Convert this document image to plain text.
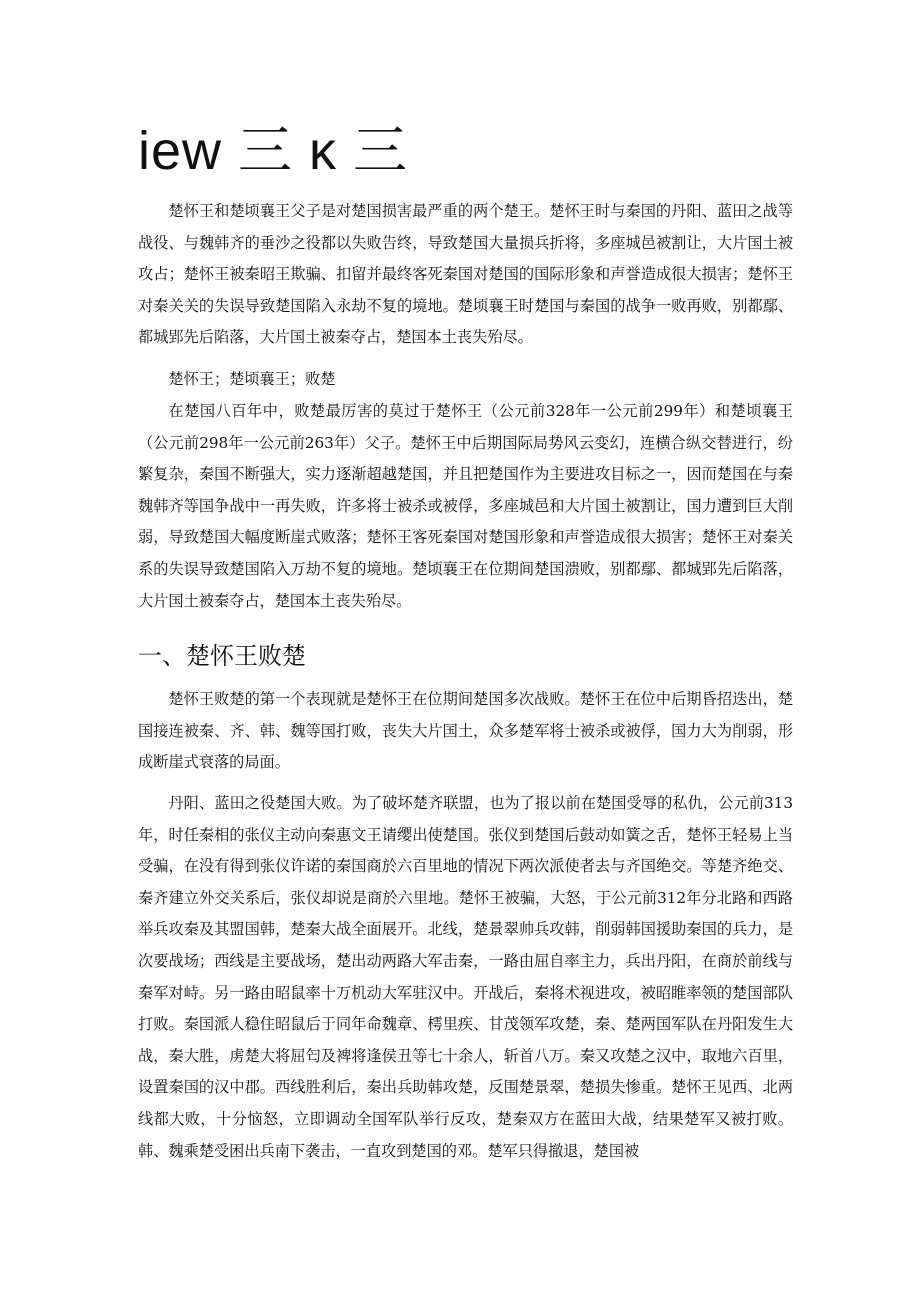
iew 三 κ 三

楚怀王和楚顷襄王父子是对楚国损害最严重的两个楚王。楚怀王时与秦国的丹阳、蓝田之战等战役、与魏韩齐的垂沙之役都以失败告终，导致楚国大量损兵折将，多座城邑被割让，大片国土被攻占；楚怀王被秦昭王欺骗、扣留并最终客死秦国对楚国的国际形象和声誉造成很大损害；楚怀王对秦关关的失误导致楚国陷入永劫不复的境地。楚顷襄王时楚国与秦国的战争一败再败，别都鄢、都城郢先后陷落，大片国土被秦夺占，楚国本土丧失殆尽。

楚怀王；楚顷襄王；败楚

在楚国八百年中，败楚最厉害的莫过于楚怀王（公元前328年一公元前299年）和楚顷襄王（公元前298年一公元前263年）父子。楚怀王中后期国际局势风云变幻，连横合纵交替进行，纷繁复杂，秦国不断强大，实力逐渐超越楚国，并且把楚国作为主要进攻目标之一，因而楚国在与秦魏韩齐等国争战中一再失败，许多将士被杀或被俘，多座城邑和大片国土被割让，国力遭到巨大削弱，导致楚国大幅度断崖式败落；楚怀王客死秦国对楚国形象和声誉造成很大损害；楚怀王对秦关系的失误导致楚国陷入万劫不复的境地。楚顷襄王在位期间楚国溃败，别都鄢、都城郢先后陷落，大片国土被秦夺占，楚国本土丧失殆尽。

一、楚怀王败楚

楚怀王败楚的第一个表现就是楚怀王在位期间楚国多次战败。楚怀王在位中后期昏招迭出，楚国接连被秦、齐、韩、魏等国打败，丧失大片国土，众多楚军将士被杀或被俘，国力大为削弱，形成断崖式衰落的局面。

丹阳、蓝田之役楚国大败。为了破坏楚齐联盟，也为了报以前在楚国受辱的私仇，公元前313年，时任秦相的张仪主动向秦惠文王请缨出使楚国。张仪到楚国后鼓动如簧之舌，楚怀王轻易上当受骗，在没有得到张仪许诺的秦国商於六百里地的情况下两次派使者去与齐国绝交。等楚齐绝交、秦齐建立外交关系后，张仪却说是商於六里地。楚怀王被骗，大怒，于公元前312年分北路和西路举兵攻秦及其盟国韩，楚秦大战全面展开。北线，楚景翠帅兵攻韩，削弱韩国援助秦国的兵力，是次要战场；西线是主要战场，楚出动两路大军击秦，一路由屈自率主力，兵出丹阳，在商於前线与秦军对峙。另一路由昭鼠率十万机动大军驻汉中。开战后，秦将术视进攻，被昭睢率领的楚国部队打败。秦国派人稳住昭鼠后于同年命魏章、樗里疾、甘茂领军攻楚，秦、楚两国军队在丹阳发生大战，秦大胜，虏楚大将屈匄及裨将逢侯丑等七十余人，斩首八万。秦又攻楚之汉中，取地六百里，设置秦国的汉中郡。西线胜利后，秦出兵助韩攻楚，反围楚景翠，楚损失惨重。楚怀王见西、北两线都大败，十分恼怒，立即调动全国军队举行反攻，楚秦双方在蓝田大战，结果楚军又被打败。韩、魏乘楚受困出兵南下袭击，一直攻到楚国的邓。楚军只得撤退，楚国被
